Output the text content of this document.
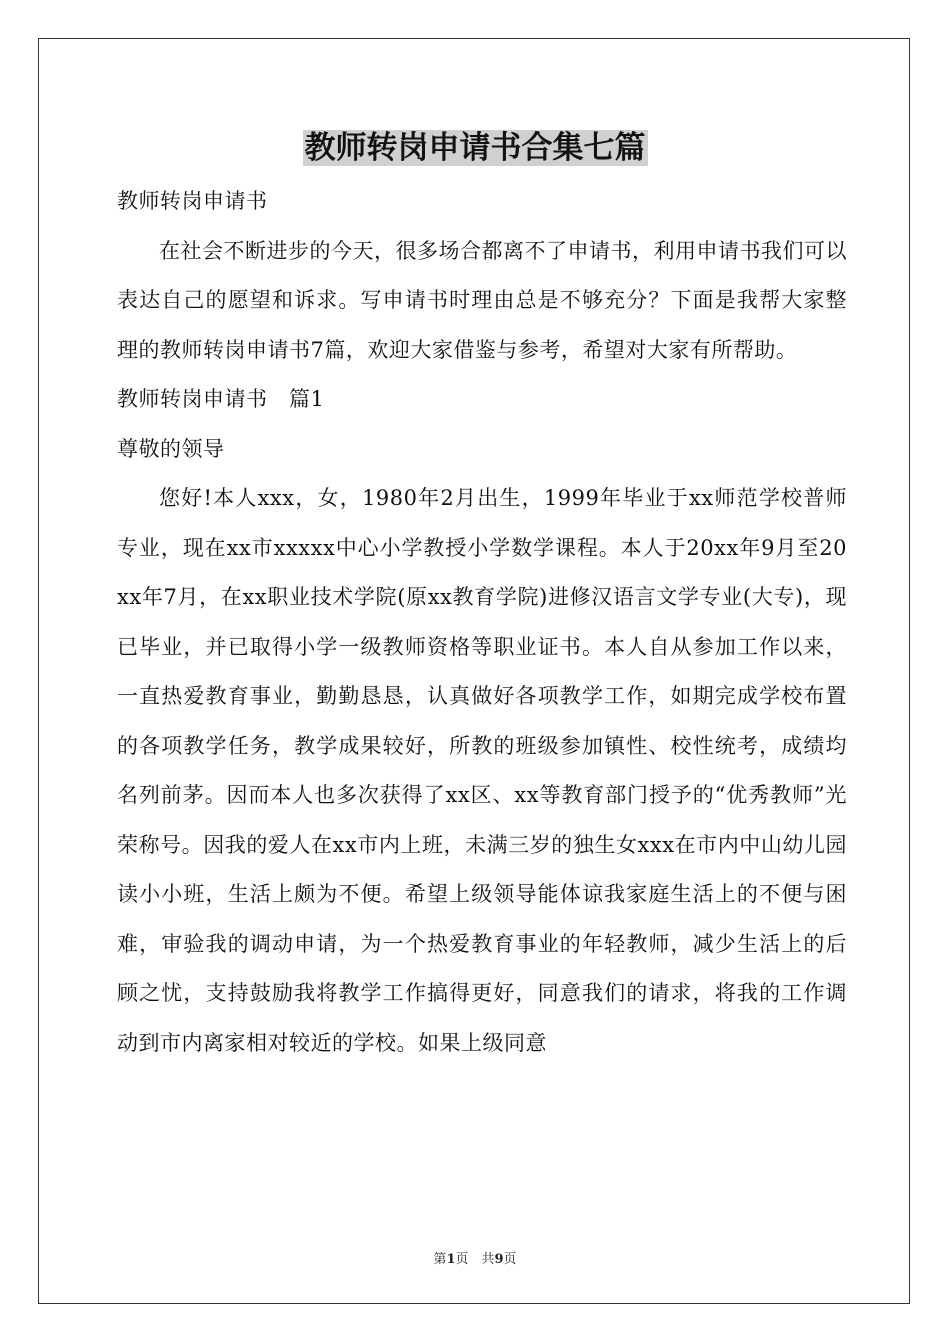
教师转岗申请书合集七篇

教师转岗申请书

在社会不断进步的今天，很多场合都离不了申请书，利用申请书我们可以表达自己的愿望和诉求。写申请书时理由总是不够充分？下面是我帮大家整理的教师转岗申请书7篇，欢迎大家借鉴与参考，希望对大家有所帮助。

教师转岗申请书　篇1

尊敬的领导

您好!本人xxx，女，1980年2月出生，1999年毕业于xx师范学校普师专业，现在xx市xxxxx中心小学教授小学数学课程。本人于20xx年9月至20xx年7月，在xx职业技术学院(原xx教育学院)进修汉语言文学专业(大专)，现已毕业，并已取得小学一级教师资格等职业证书。本人自从参加工作以来，一直热爱教育事业，勤勤恳恳，认真做好各项教学工作，如期完成学校布置的各项教学任务，教学成果较好，所教的班级参加镇性、校性统考，成绩均名列前茅。因而本人也多次获得了xx区、xx等教育部门授予的“优秀教师”光荣称号。因我的爱人在xx市内上班，未满三岁的独生女xxx在市内中山幼儿园读小小班，生活上颇为不便。希望上级领导能体谅我家庭生活上的不便与困难，审验我的调动申请，为一个热爱教育事业的年轻教师，减少生活上的后顾之忧，支持鼓励我将教学工作搞得更好，同意我们的请求，将我的工作调动到市内离家相对较近的学校。如果上级同意

第1页　共9页
